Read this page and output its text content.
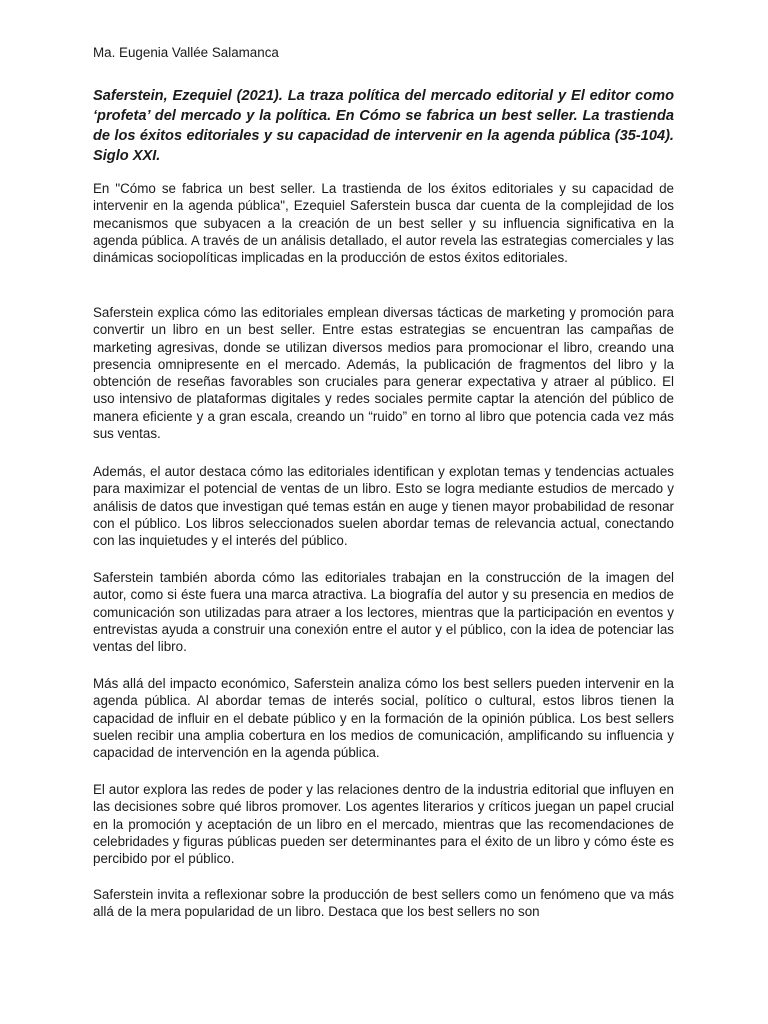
Ma. Eugenia Vallée Salamanca

Saferstein, Ezequiel (2021). La traza política del mercado editorial y El editor como ‘profeta’ del mercado y la política. En Cómo se fabrica un best seller. La trastienda de los éxitos editoriales y su capacidad de intervenir en la agenda pública (35-104). Siglo XXI.

En "Cómo se fabrica un best seller. La trastienda de los éxitos editoriales y su capacidad de intervenir en la agenda pública", Ezequiel Saferstein busca dar cuenta de la complejidad de los mecanismos que subyacen a la creación de un best seller y su influencia significativa en la agenda pública. A través de un análisis detallado, el autor revela las estrategias comerciales y las dinámicas sociopolíticas implicadas en la producción de estos éxitos editoriales.

Saferstein explica cómo las editoriales emplean diversas tácticas de marketing y promoción para convertir un libro en un best seller. Entre estas estrategias se encuentran las campañas de marketing agresivas, donde se utilizan diversos medios para promocionar el libro, creando una presencia omnipresente en el mercado. Además, la publicación de fragmentos del libro y la obtención de reseñas favorables son cruciales para generar expectativa y atraer al público. El uso intensivo de plataformas digitales y redes sociales permite captar la atención del público de manera eficiente y a gran escala, creando un “ruido” en torno al libro que potencia cada vez más sus ventas.

Además, el autor destaca cómo las editoriales identifican y explotan temas y tendencias actuales para maximizar el potencial de ventas de un libro. Esto se logra mediante estudios de mercado y análisis de datos que investigan qué temas están en auge y tienen mayor probabilidad de resonar con el público. Los libros seleccionados suelen abordar temas de relevancia actual, conectando con las inquietudes y el interés del público.

Saferstein también aborda cómo las editoriales trabajan en la construcción de la imagen del autor, como si éste fuera una marca atractiva. La biografía del autor y su presencia en medios de comunicación son utilizadas para atraer a los lectores, mientras que la participación en eventos y entrevistas ayuda a construir una conexión entre el autor y el público, con la idea de potenciar las ventas del libro.

Más allá del impacto económico, Saferstein analiza cómo los best sellers pueden intervenir en la agenda pública. Al abordar temas de interés social, político o cultural, estos libros tienen la capacidad de influir en el debate público y en la formación de la opinión pública. Los best sellers suelen recibir una amplia cobertura en los medios de comunicación, amplificando su influencia y capacidad de intervención en la agenda pública.

El autor explora las redes de poder y las relaciones dentro de la industria editorial que influyen en las decisiones sobre qué libros promover. Los agentes literarios y críticos juegan un papel crucial en la promoción y aceptación de un libro en el mercado, mientras que las recomendaciones de celebridades y figuras públicas pueden ser determinantes para el éxito de un libro y cómo éste es percibido por el público.

Saferstein invita a reflexionar sobre la producción de best sellers como un fenómeno que va más allá de la mera popularidad de un libro. Destaca que los best sellers no son
